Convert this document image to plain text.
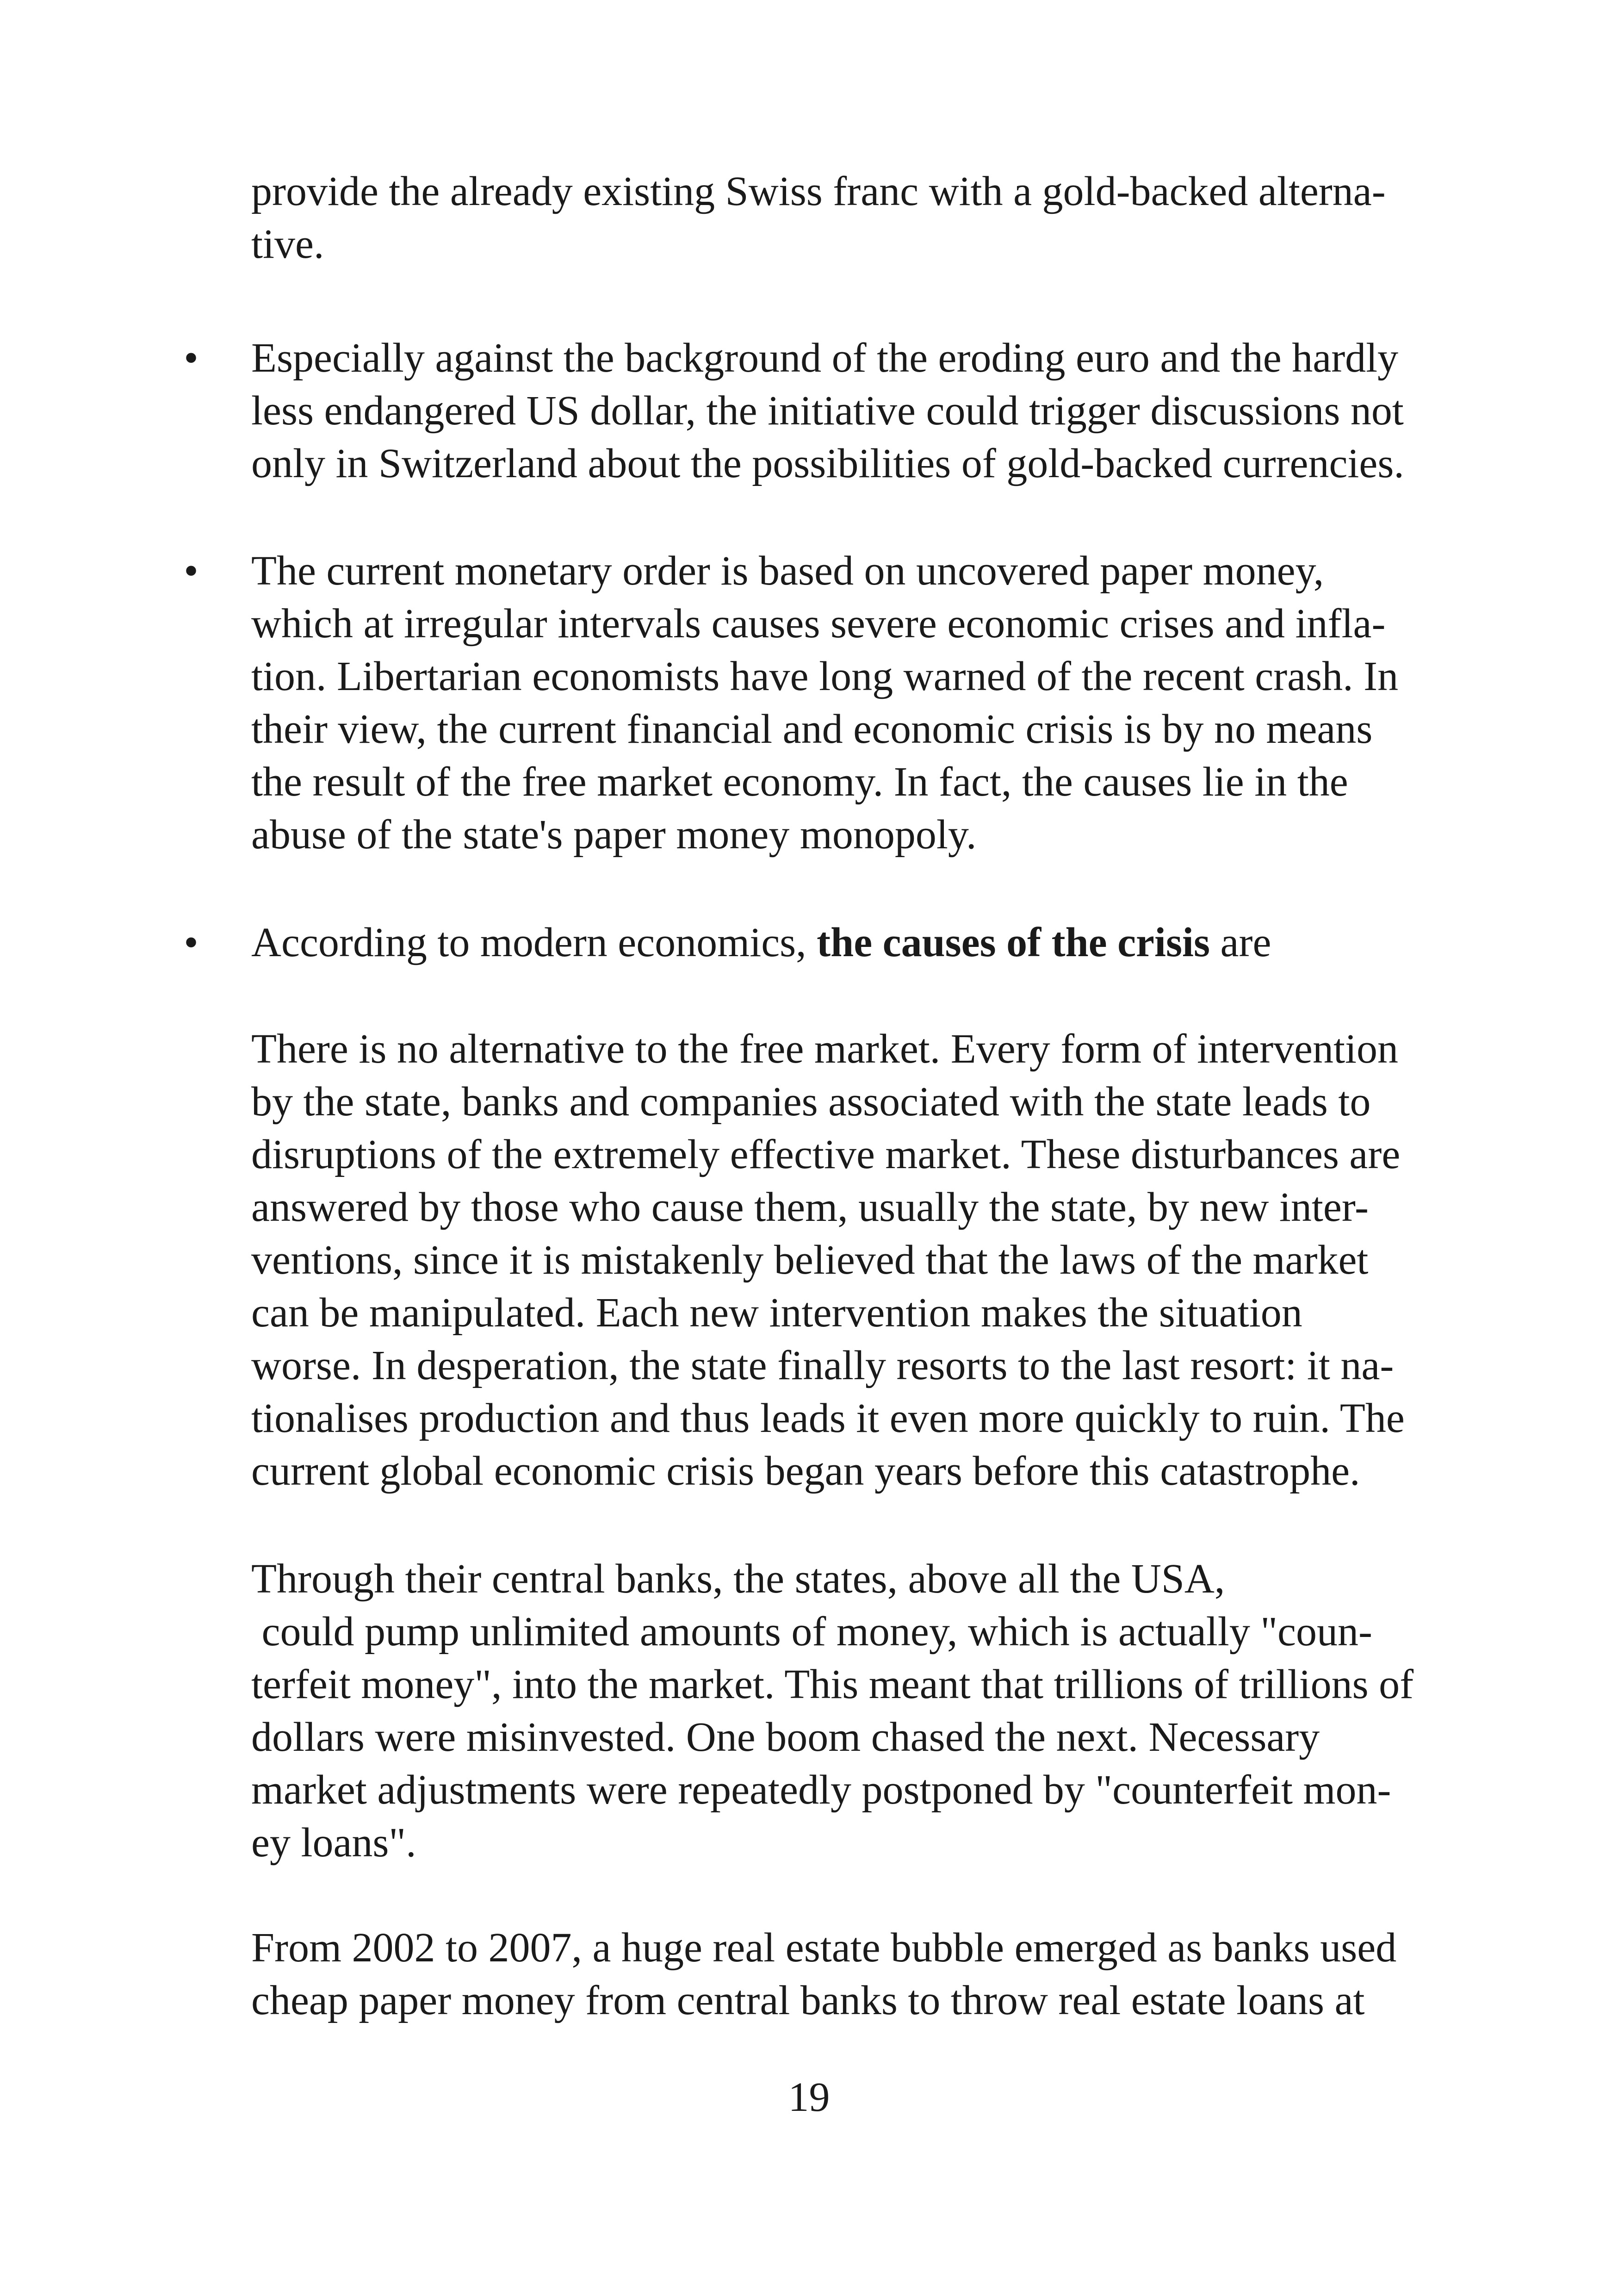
provide the already existing Swiss franc with a gold-backed alterna-
tive.
• Especially against the background of the eroding euro and the hardly
less endangered US dollar, the initiative could trigger discussions not
only in Switzerland about the possibilities of gold-backed currencies.
• The current monetary order is based on uncovered paper money,
which at irregular intervals causes severe economic crises and infla-
tion. Libertarian economists have long warned of the recent crash. In
their view, the current financial and economic crisis is by no means
the result of the free market economy. In fact, the causes lie in the
abuse of the state's paper money monopoly.
• According to modern economics, the causes of the crisis are
There is no alternative to the free market. Every form of intervention
by the state, banks and companies associated with the state leads to
disruptions of the extremely effective market. These disturbances are
answered by those who cause them, usually the state, by new inter-
ventions, since it is mistakenly believed that the laws of the market
can be manipulated. Each new intervention makes the situation
worse. In desperation, the state finally resorts to the last resort: it na-
tionalises production and thus leads it even more quickly to ruin. The
current global economic crisis began years before this catastrophe.
Through their central banks, the states, above all the USA,
could pump unlimited amounts of money, which is actually "coun-
terfeit money", into the market. This meant that trillions of trillions of
dollars were misinvested. One boom chased the next. Necessary
market adjustments were repeatedly postponed by "counterfeit mon-
ey loans".
From 2002 to 2007, a huge real estate bubble emerged as banks used
cheap paper money from central banks to throw real estate loans at
19
